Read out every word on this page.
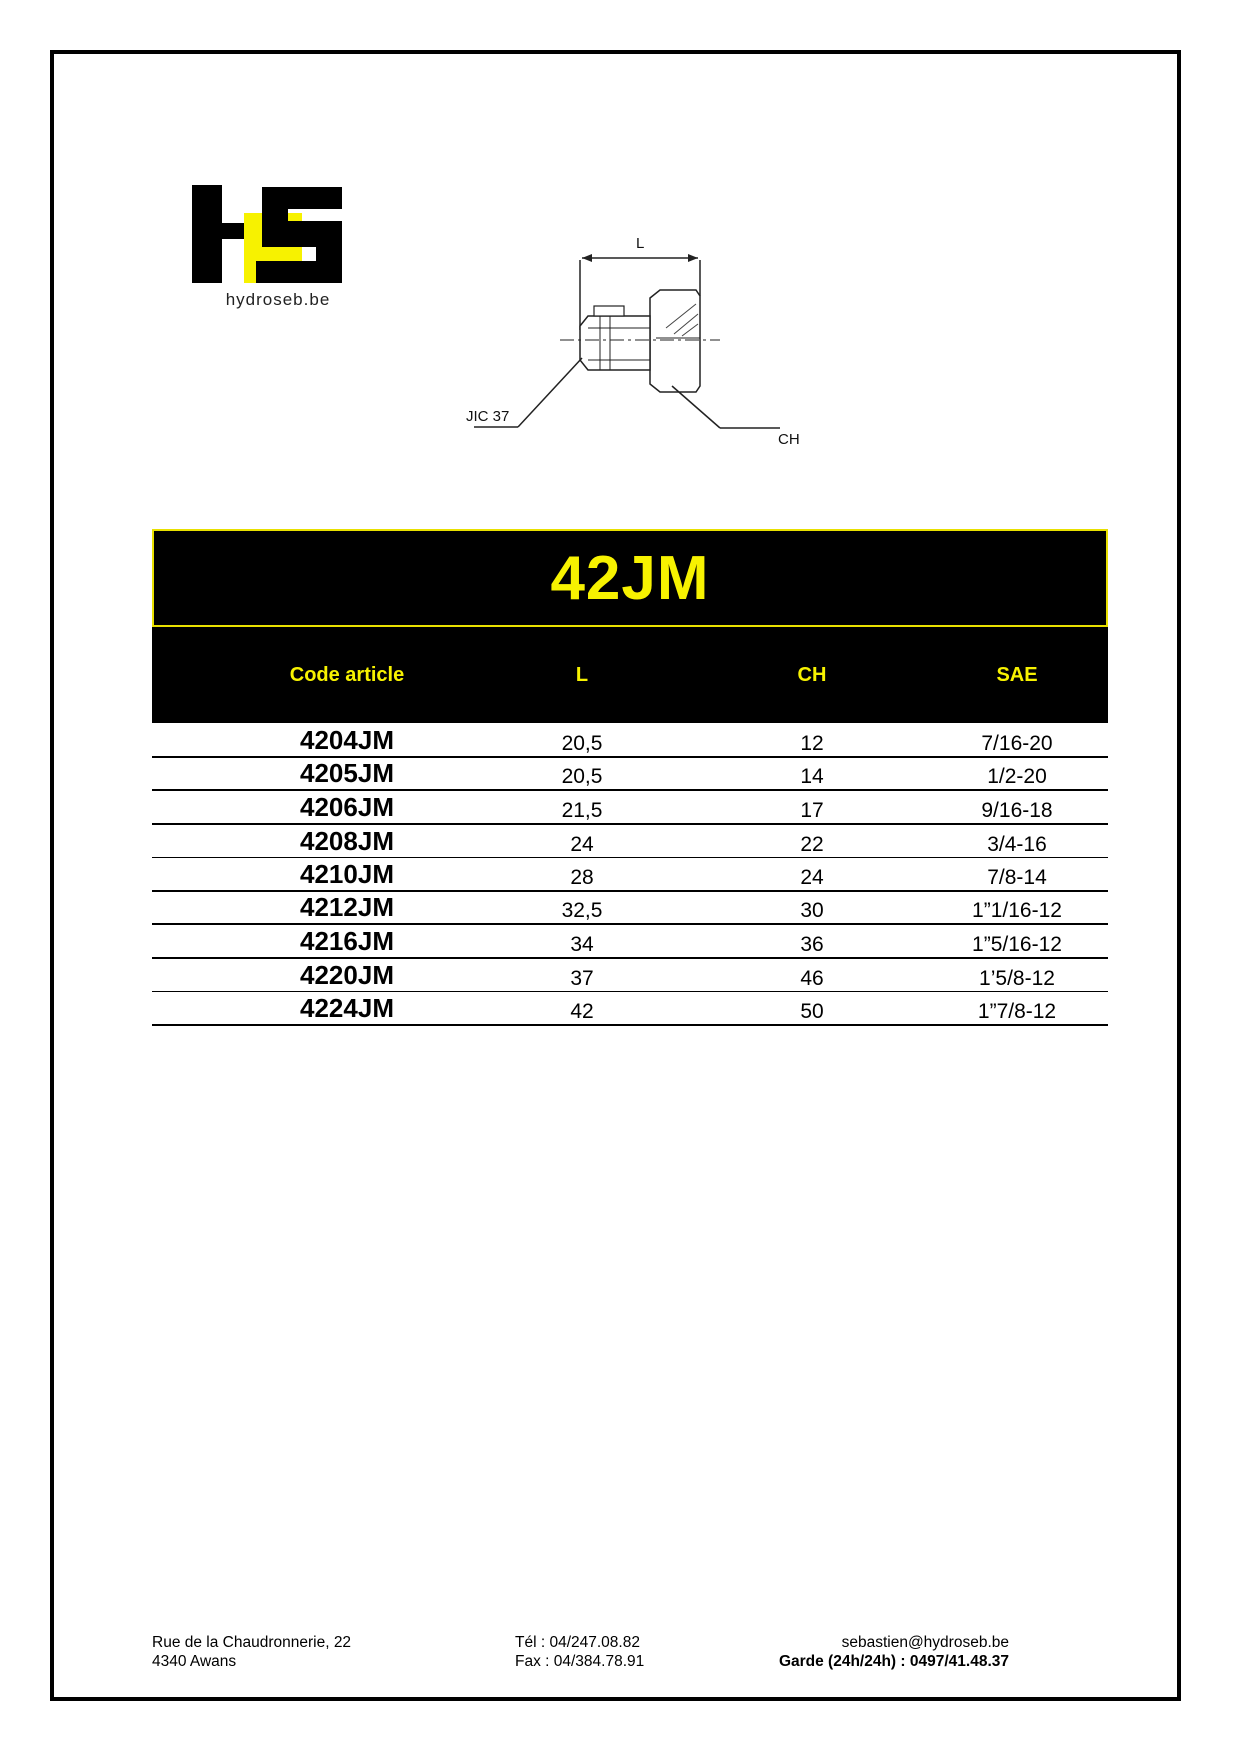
hydroseb.be
L
JIC 37
CH
42JM
Code article	L	CH	SAE
4204JM	20,5	12	7/16-20
4205JM	20,5	14	1/2-20
4206JM	21,5	17	9/16-18
4208JM	24	22	3/4-16
4210JM	28	24	7/8-14
4212JM	32,5	30	1”1/16-12
4216JM	34	36	1”5/16-12
4220JM	37	46	1’5/8-12
4224JM	42	50	1”7/8-12
Rue de la Chaudronnerie, 22
4340 Awans
Tél : 04/247.08.82
Fax : 04/384.78.91
sebastien@hydroseb.be
Garde (24h/24h) : 0497/41.48.37
